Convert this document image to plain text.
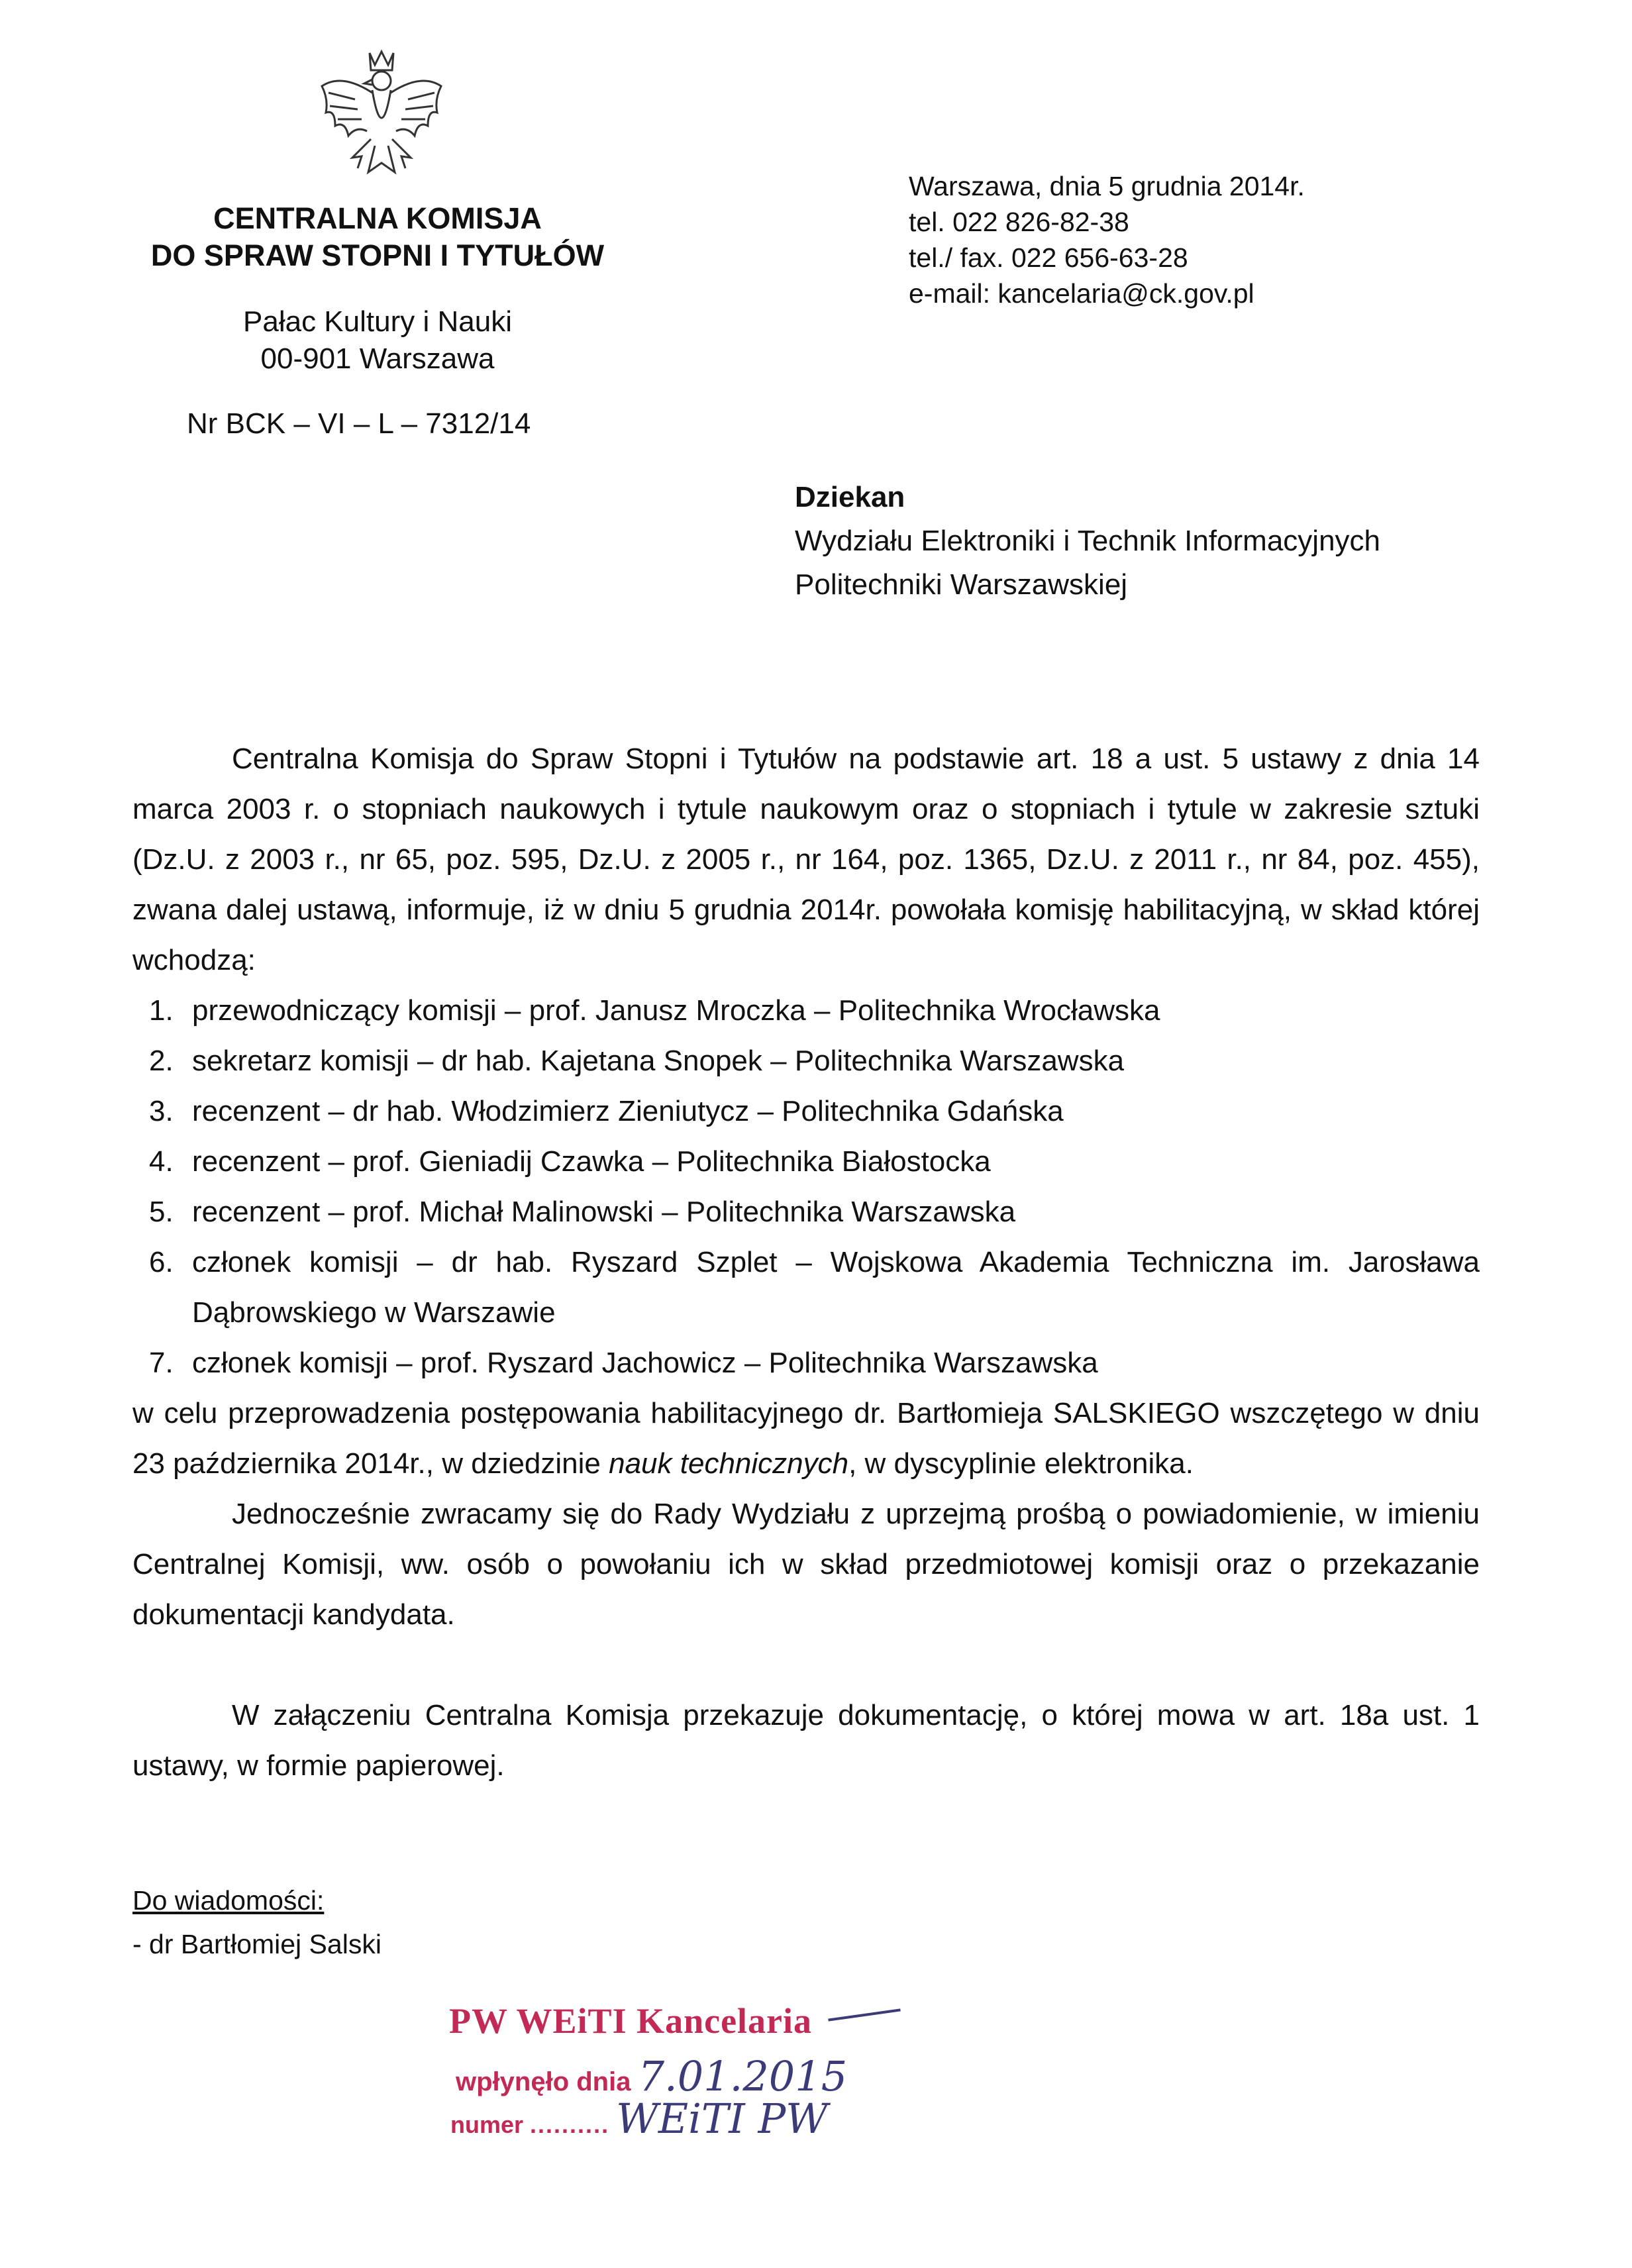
CENTRALNA KOMISJA
DO SPRAW STOPNI I TYTUŁÓW
Pałac Kultury i Nauki
00-901 Warszawa
Nr BCK – VI – L – 7312/14
Warszawa, dnia 5 grudnia 2014r.
tel. 022 826-82-38
tel./ fax. 022 656-63-28
e-mail: kancelaria@ck.gov.pl
Dziekan
Wydziału Elektroniki i Technik Informacyjnych
Politechniki Warszawskiej

Centralna Komisja do Spraw Stopni i Tytułów na podstawie art. 18 a ust. 5 ustawy z dnia 14 marca 2003 r. o stopniach naukowych i tytule naukowym oraz o stopniach i tytule w zakresie sztuki (Dz.U. z 2003 r., nr 65, poz. 595, Dz.U. z 2005 r., nr 164, poz. 1365, Dz.U. z 2011 r., nr 84, poz. 455), zwana dalej ustawą, informuje, iż w dniu 5 grudnia 2014r. powołała komisję habilitacyjną, w skład której wchodzą:

1. przewodniczący komisji – prof. Janusz Mroczka – Politechnika Wrocławska
2. sekretarz komisji – dr hab. Kajetana Snopek – Politechnika Warszawska
3. recenzent – dr hab. Włodzimierz Zieniutycz – Politechnika Gdańska
4. recenzent – prof. Gieniadij Czawka – Politechnika Białostocka
5. recenzent – prof. Michał Malinowski – Politechnika Warszawska
6. członek komisji – dr hab. Ryszard Szplet – Wojskowa Akademia Techniczna im. Jarosława Dąbrowskiego w Warszawie
7. członek komisji – prof. Ryszard Jachowicz – Politechnika Warszawska

w celu przeprowadzenia postępowania habilitacyjnego dr. Bartłomieja SALSKIEGO wszczętego w dniu 23 października 2014r., w dziedzinie nauk technicznych, w dyscyplinie elektronika.

Jednocześnie zwracamy się do Rady Wydziału z uprzejmą prośbą o powiadomienie, w imieniu Centralnej Komisji, ww. osób o powołaniu ich w skład przedmiotowej komisji oraz o przekazanie dokumentacji kandydata.

W załączeniu Centralna Komisja przekazuje dokumentację, o której mowa w art. 18a ust. 1 ustawy, w formie papierowej.

Do wiadomości:
- dr Bartłomiej Salski
PW WEiTI Kancelaria
wpłynęło dnia 7.01.2015
numer .......... WEiTI PW
